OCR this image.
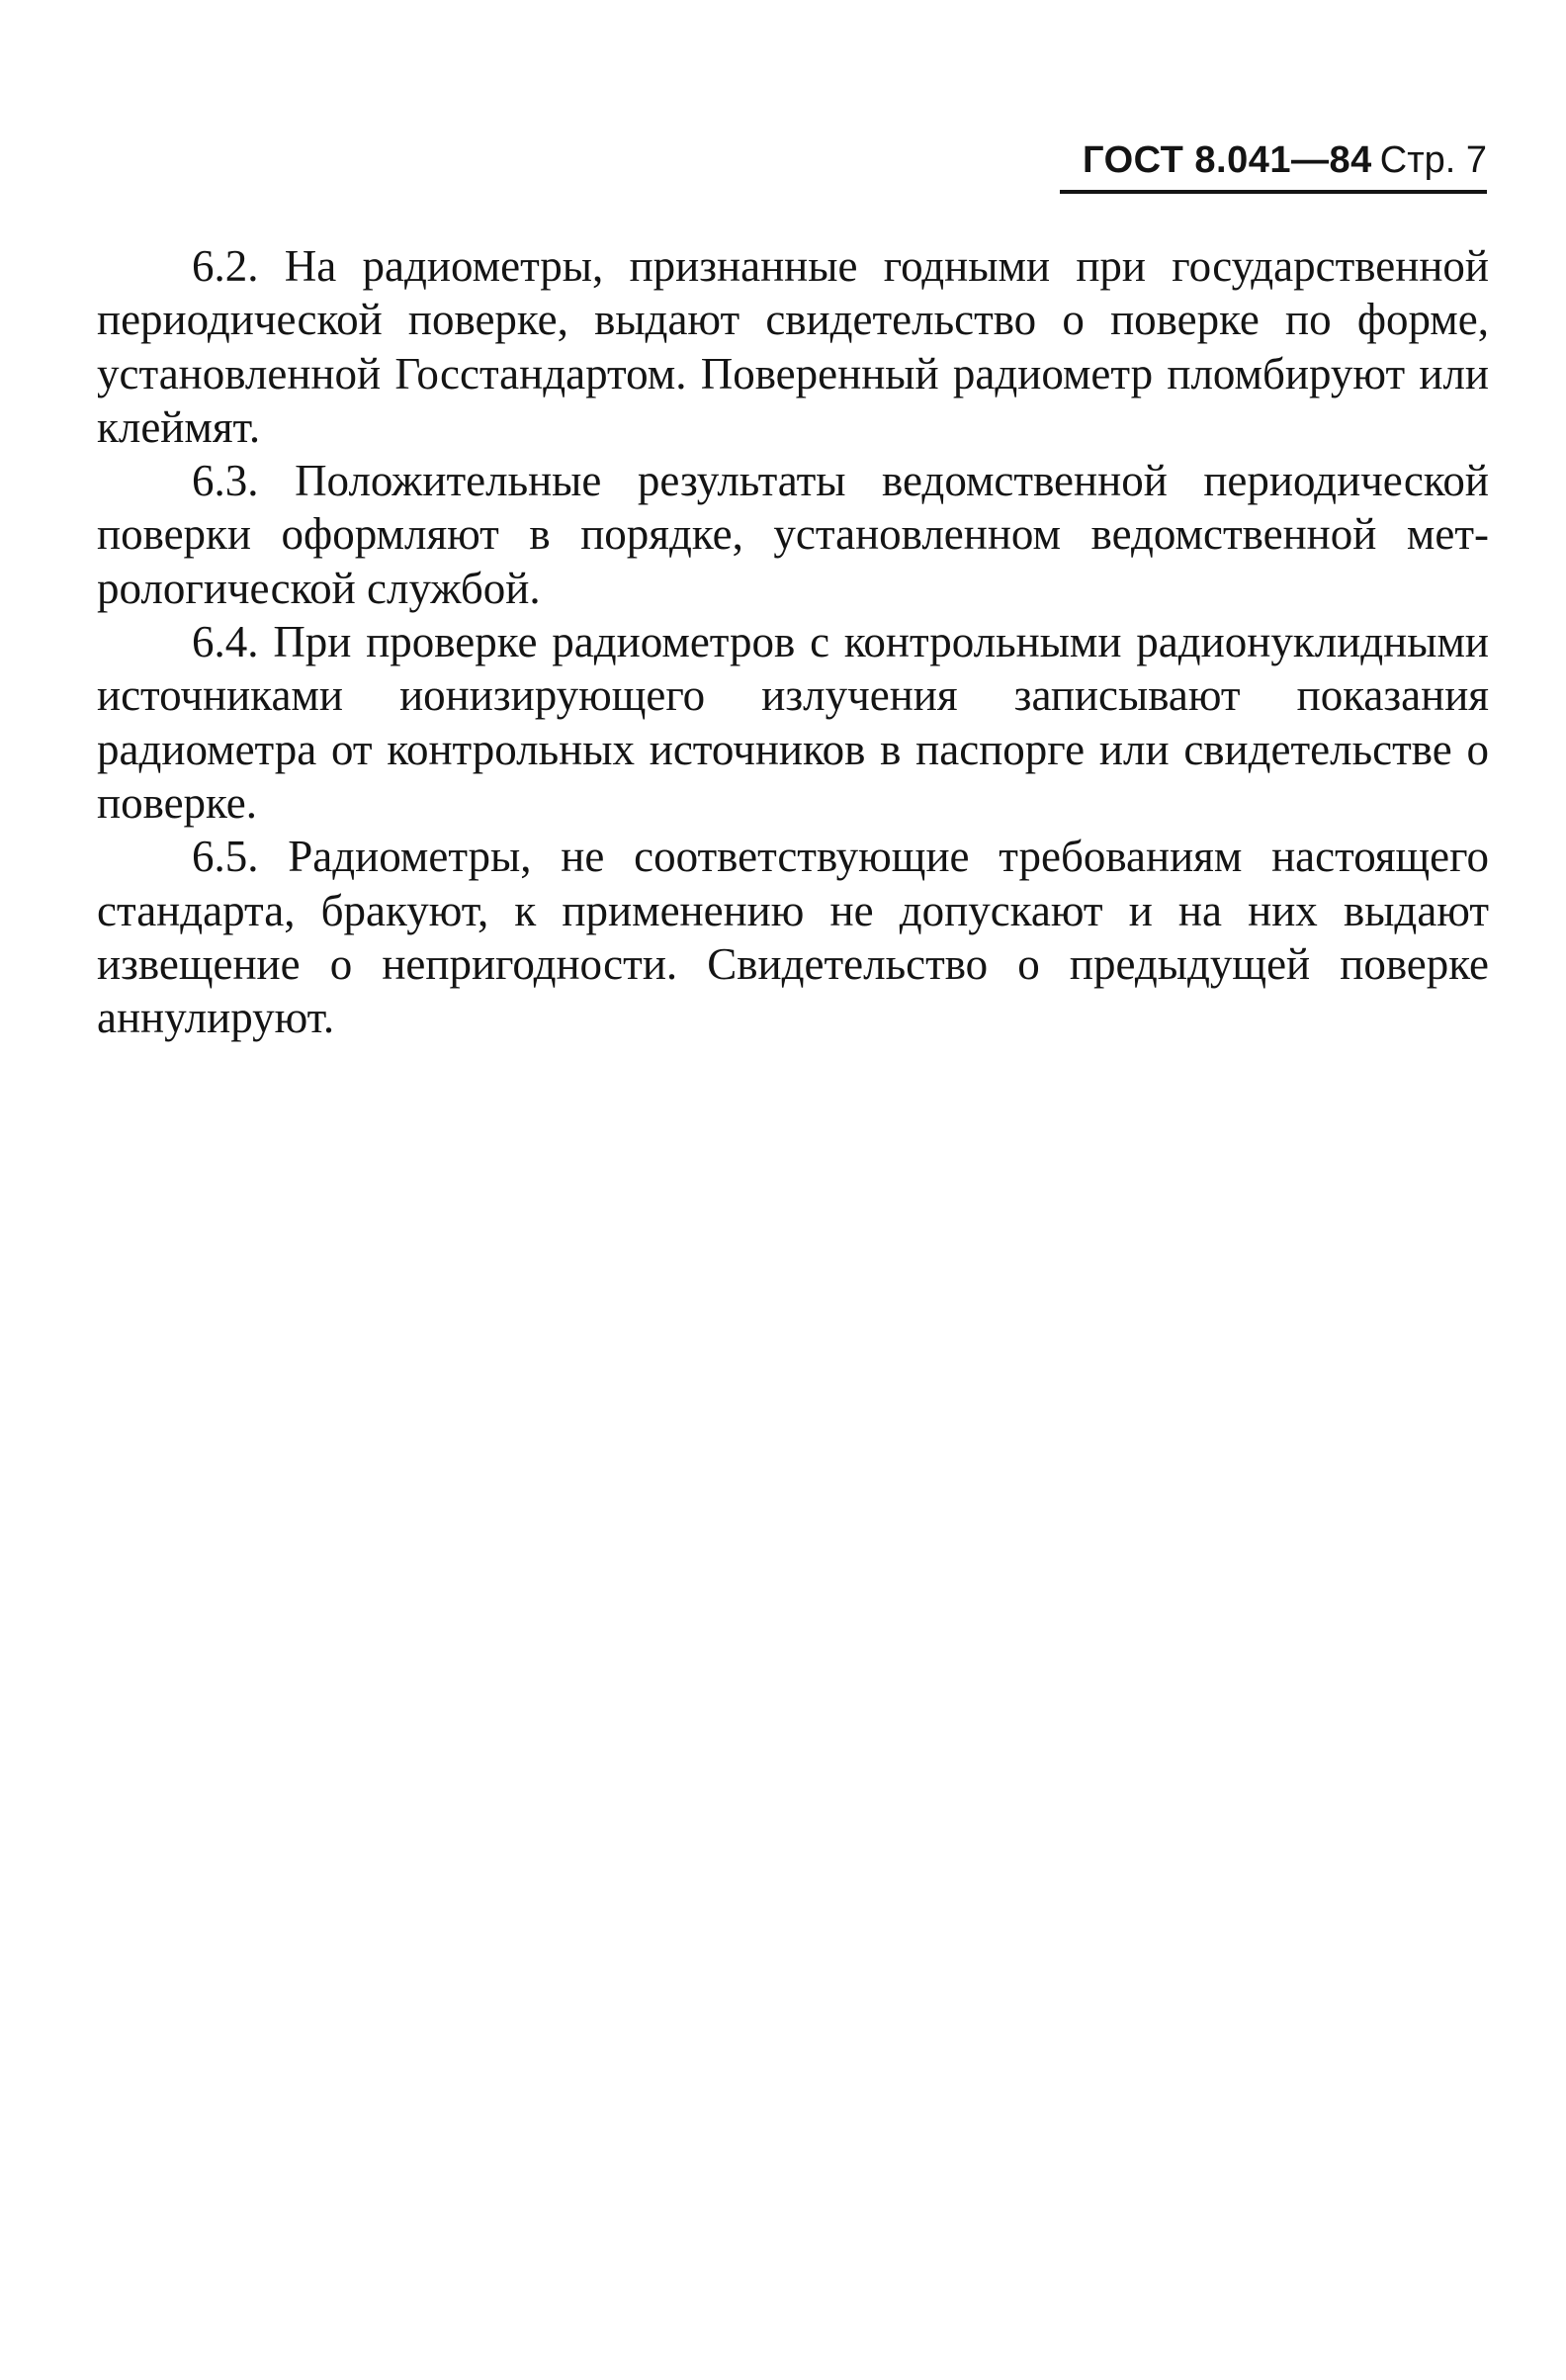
ГОСТ 8.041—84 Стр. 7

6.2. На радиометры, признанные годными при государственной периодической поверке, выдают свидетельство о поверке по форме, установленной Госстандартом. Поверенный радиометр пломбируют или клеймят.

6.3. Положительные результаты ведомственной периодической поверки оформляют в порядке, установленном ведомственной метрологической службой.

6.4. При проверке радиометров с контрольными радионуклидными источниками ионизирующего излучения записывают показания радиометра от контрольных источников в паспорге или свидетельстве о поверке.

6.5. Радиометры, не соответствующие требованиям настоящего стандарта, бракуют, к применению не допускают и на них выдают извещение о непригодности. Свидетельство о предыдущей поверке аннулируют.
